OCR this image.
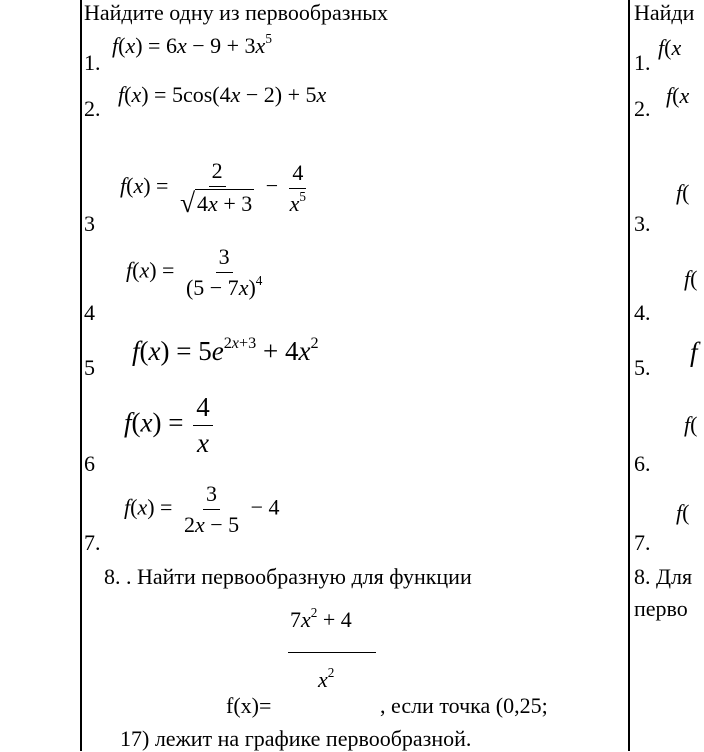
Найдите одну из первообразных
1.
$f(x) = 6x - 9 + 3x^5$
2.
f(x) = 5cos(4x − 2) + 5x
3
$f(x) = \frac{2}{√ 4x + 3} - \frac{4}{x^5}$
4
$f(x) = \frac{3}{(5 - 7x)^4}$
5
$f(x) = 5e^{2x+3} + 4x^2$
6
$f(x) = \frac{4}{x}$
7.
$f(x) = \frac{3}{2x - 5} - 4$
8. . Найти первообразную для функции
$7x^2 + 4$
$x^2$
f(x)=	, если точка (0,25;
17) лежит на графике первообразной.
Найди
1.
f(x
2.
f(x
f(
3.
f(
4.
f
5.
f(
6.
f(
7.
8. Для
перво
